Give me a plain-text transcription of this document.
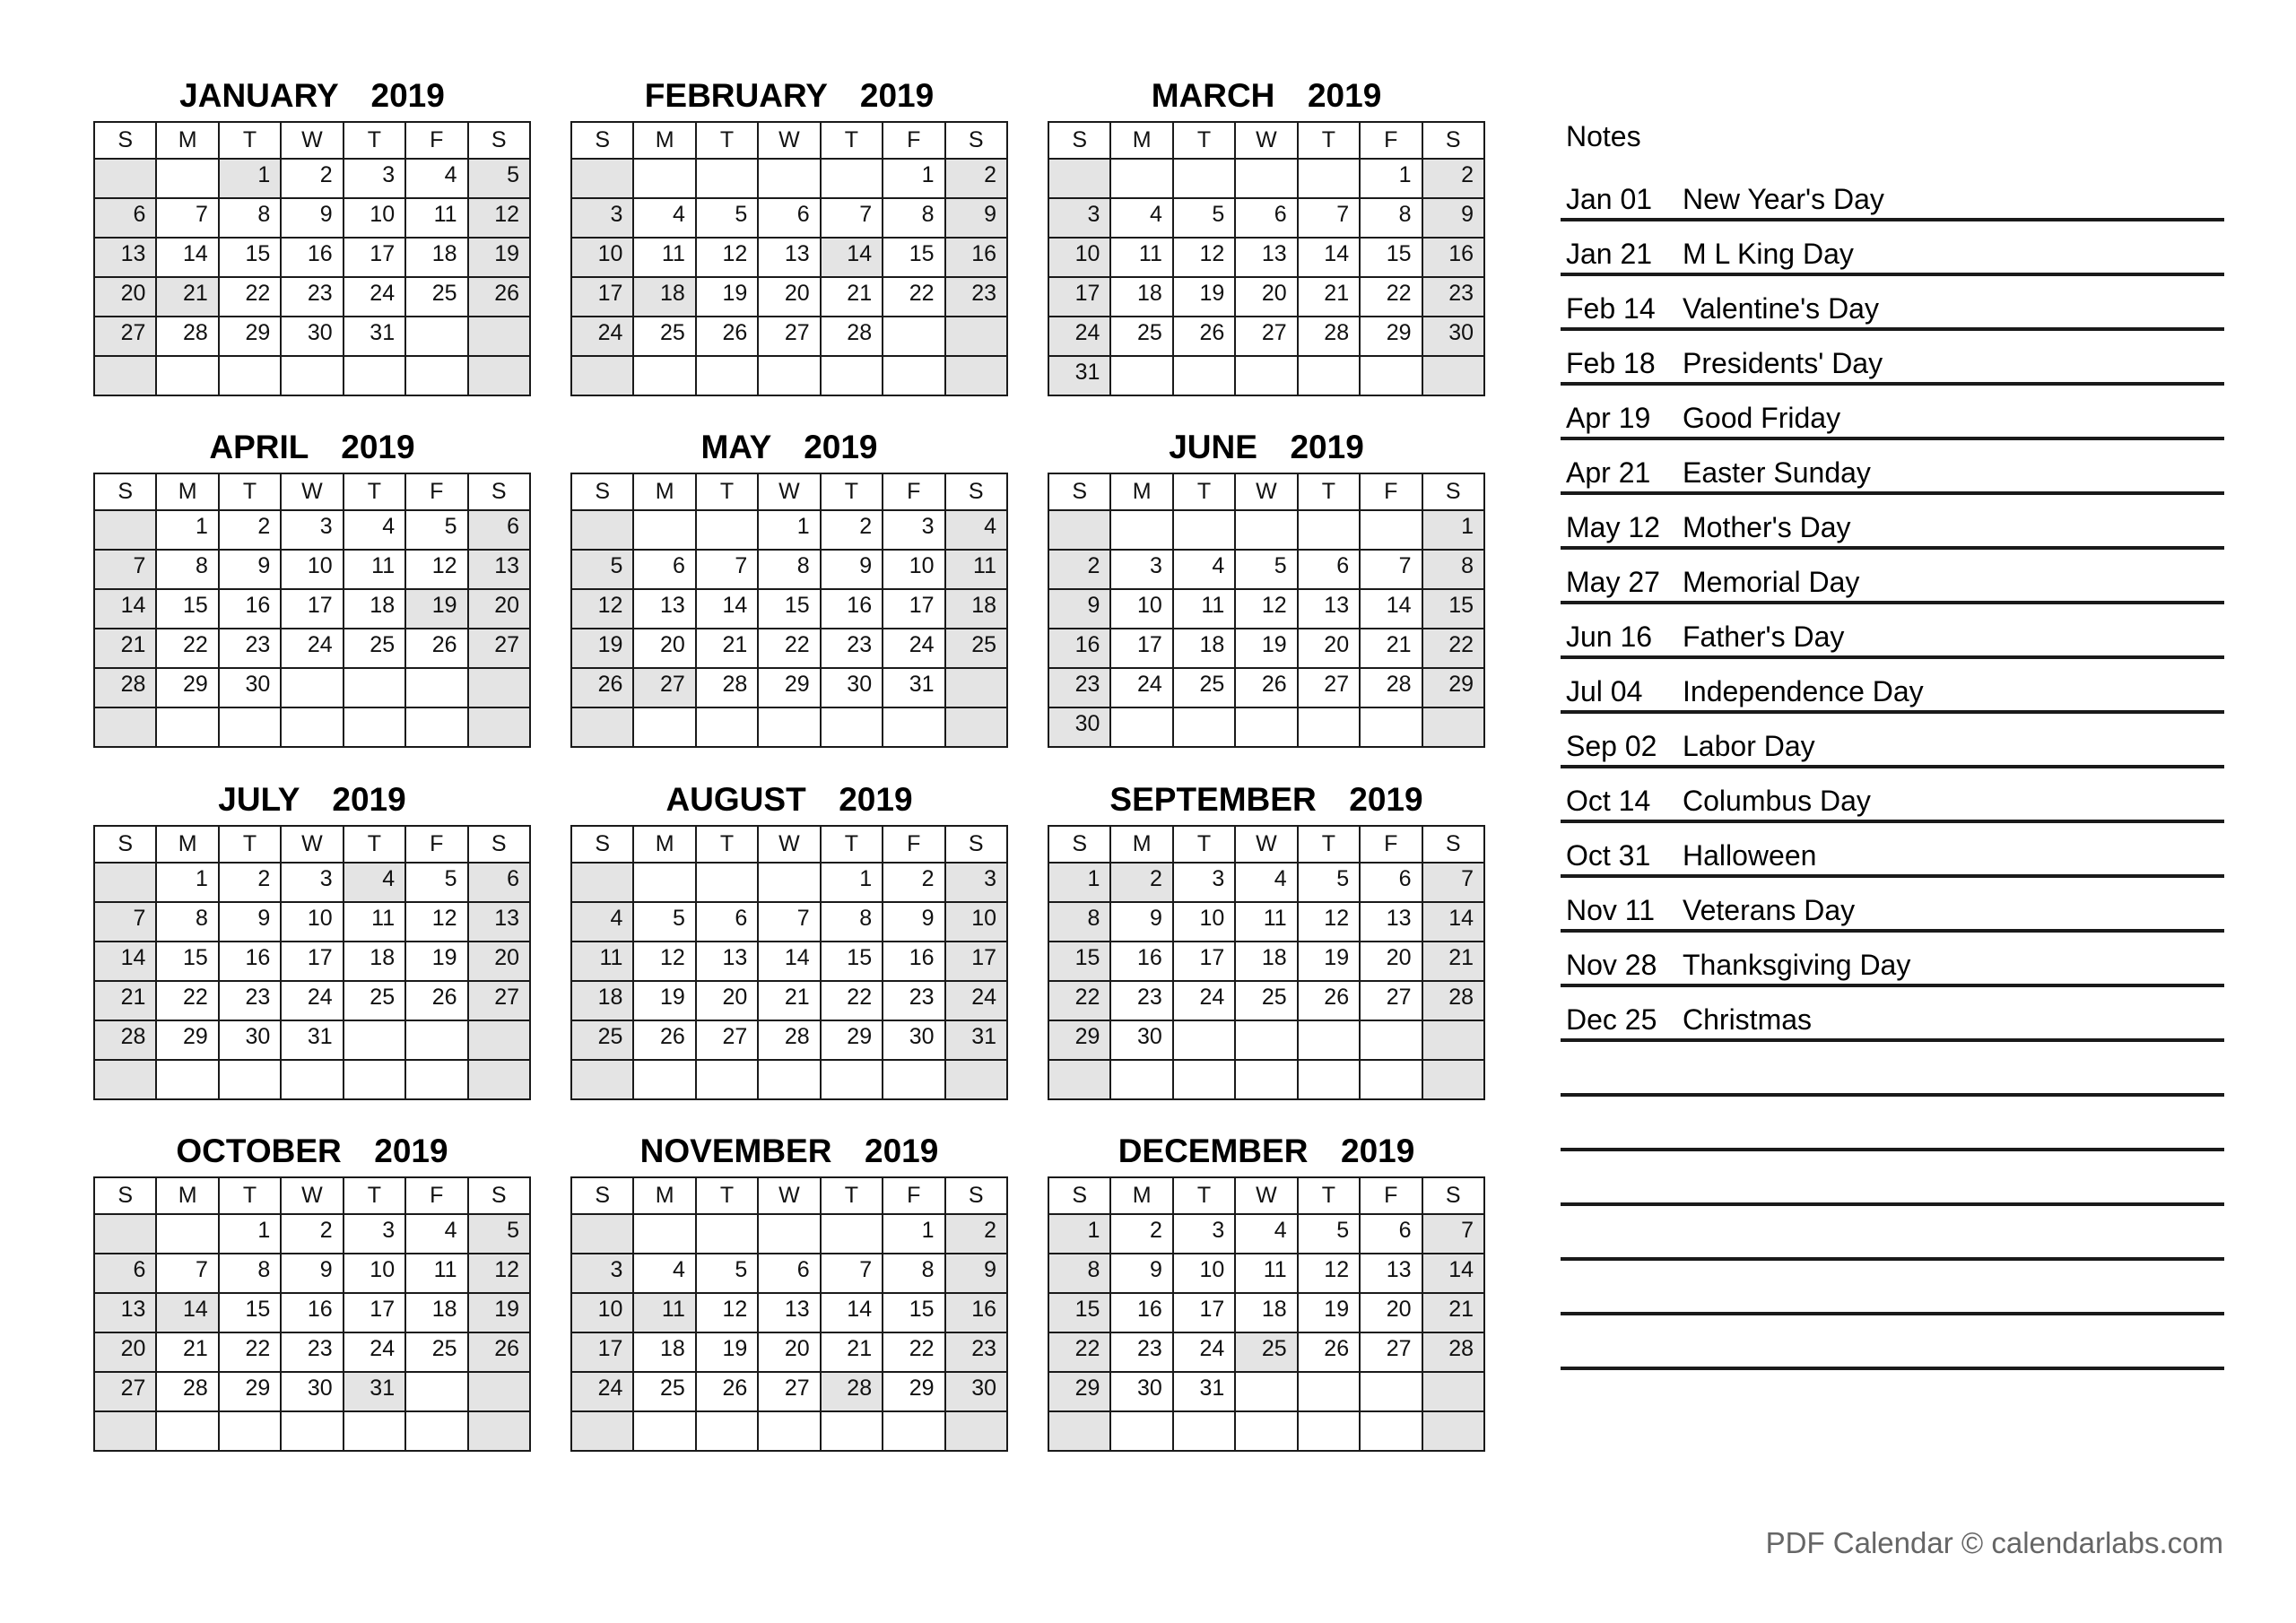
JANUARY  2019
S	M	T	W	T	F	S
		1	2	3	4	5
6	7	8	9	10	11	12
13	14	15	16	17	18	19
20	21	22	23	24	25	26
27	28	29	30	31		

FEBRUARY  2019
S	M	T	W	T	F	S
					1	2
3	4	5	6	7	8	9
10	11	12	13	14	15	16
17	18	19	20	21	22	23
24	25	26	27	28		

MARCH  2019
S	M	T	W	T	F	S
					1	2
3	4	5	6	7	8	9
10	11	12	13	14	15	16
17	18	19	20	21	22	23
24	25	26	27	28	29	30
31						
APRIL  2019
S	M	T	W	T	F	S
	1	2	3	4	5	6
7	8	9	10	11	12	13
14	15	16	17	18	19	20
21	22	23	24	25	26	27
28	29	30				

MAY  2019
S	M	T	W	T	F	S
			1	2	3	4
5	6	7	8	9	10	11
12	13	14	15	16	17	18
19	20	21	22	23	24	25
26	27	28	29	30	31	

JUNE  2019
S	M	T	W	T	F	S
						1
2	3	4	5	6	7	8
9	10	11	12	13	14	15
16	17	18	19	20	21	22
23	24	25	26	27	28	29
30						
JULY  2019
S	M	T	W	T	F	S
	1	2	3	4	5	6
7	8	9	10	11	12	13
14	15	16	17	18	19	20
21	22	23	24	25	26	27
28	29	30	31			

AUGUST  2019
S	M	T	W	T	F	S
				1	2	3
4	5	6	7	8	9	10
11	12	13	14	15	16	17
18	19	20	21	22	23	24
25	26	27	28	29	30	31

SEPTEMBER  2019
S	M	T	W	T	F	S
1	2	3	4	5	6	7
8	9	10	11	12	13	14
15	16	17	18	19	20	21
22	23	24	25	26	27	28
29	30					

OCTOBER  2019
S	M	T	W	T	F	S
		1	2	3	4	5
6	7	8	9	10	11	12
13	14	15	16	17	18	19
20	21	22	23	24	25	26
27	28	29	30	31		

NOVEMBER  2019
S	M	T	W	T	F	S
					1	2
3	4	5	6	7	8	9
10	11	12	13	14	15	16
17	18	19	20	21	22	23
24	25	26	27	28	29	30

DECEMBER  2019
S	M	T	W	T	F	S
1	2	3	4	5	6	7
8	9	10	11	12	13	14
15	16	17	18	19	20	21
22	23	24	25	26	27	28
29	30	31				

Notes
Jan 01 New Year's Day
Jan 21 M L King Day
Feb 14 Valentine's Day
Feb 18 Presidents' Day
Apr 19 Good Friday
Apr 21 Easter Sunday
May 12 Mother's Day
May 27 Memorial Day
Jun 16 Father's Day
Jul 04 Independence Day
Sep 02 Labor Day
Oct 14 Columbus Day
Oct 31 Halloween
Nov 11 Veterans Day
Nov 28 Thanksgiving Day
Dec 25 Christmas
PDF Calendar © calendarlabs.com
